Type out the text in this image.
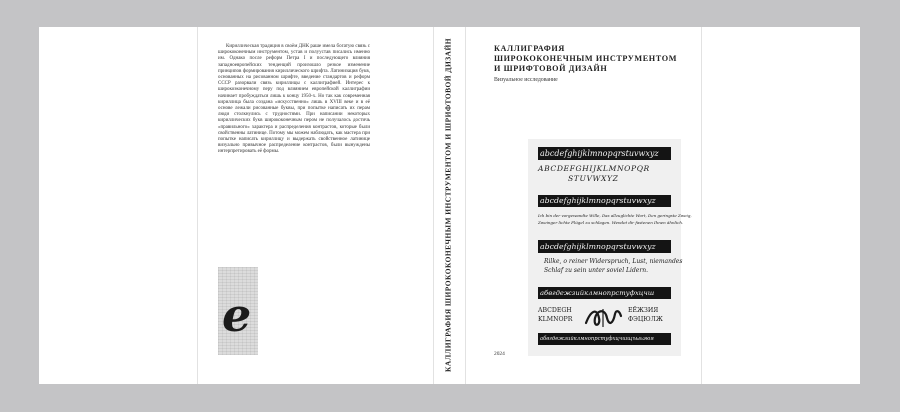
Кириллическая традиция в своём ДНК раше имела богатую связь с ширококонечным инструментом, устав и полуустав писались именно им. Однако после реформ Петра I и последующего влияния западноевропейских тенденций произошло резкое изменение принципов формирования кириллического шрифта. Латинизация букв, основанных на рисованном шрифте, введение стандартов и реформ СССР разорвали связь кириллицы с каллиграфией. Интерес к широкоэконечному перу под влиянием европейской каллиграфии начинает пробуждаться лишь к концу 1950-х. Но так как современная кириллица была создана «искусственно» лишь в XVIII веке и в её основе лежали рисованные буквы, при попытке написать их перам люди столкнулись с трудностями. При написании некоторых кириллических букв ширококонечным пером не получалось достичь «правильного» характера и распределения контрастов, которые были свойственны латинице. Потому мы можем наблюдать, как мастера при попытке написать кириллицу и выдержать свойственное латинице визуально привычное распределение контрастов, были вынуждены интерпретировать её формы.

e	КАЛЛИГРАФИЯ ШИРОКОКОНЕЧНЫМ ИНСТРУМЕНТОМ И ШРИФТОВОЙ ДИЗАЙН	КАЛЛИГРАФИЯ
ШИРОКОКОНЕЧНЫМ ИНСТРУМЕНТОМ
И ШРИФТОВОЙ ДИЗАЙН
Визуальное исследование
2024
abcdefghijklmnopqrstuvwxyz
ABCDEFGHIJKLMNOPQR
STUVWXYZ
abcdefghijklmnopqrstuvwxyz
Ich bin der vorgewandte Wille, Das allzuglichte Wort, Den geringste Zweig,
Zweinger lichte Flügel zu schlagen. Wendet dir fastenen Ihnen ähnlich.
abcdefghijklmnopqrstuvwxyz
Rilke, o reiner Widerspruch, Lust, niemandes
Schlaf zu sein unter soviel Lidern.
абвгдежзийклмнопрстуфхцчш
ABCDEGH
KLMNOPR
ЕЁЖЗИЯ
ФЭЦЮЛЖ
абвгдежзийклмнопрстуфхцчшщъыьэюя
